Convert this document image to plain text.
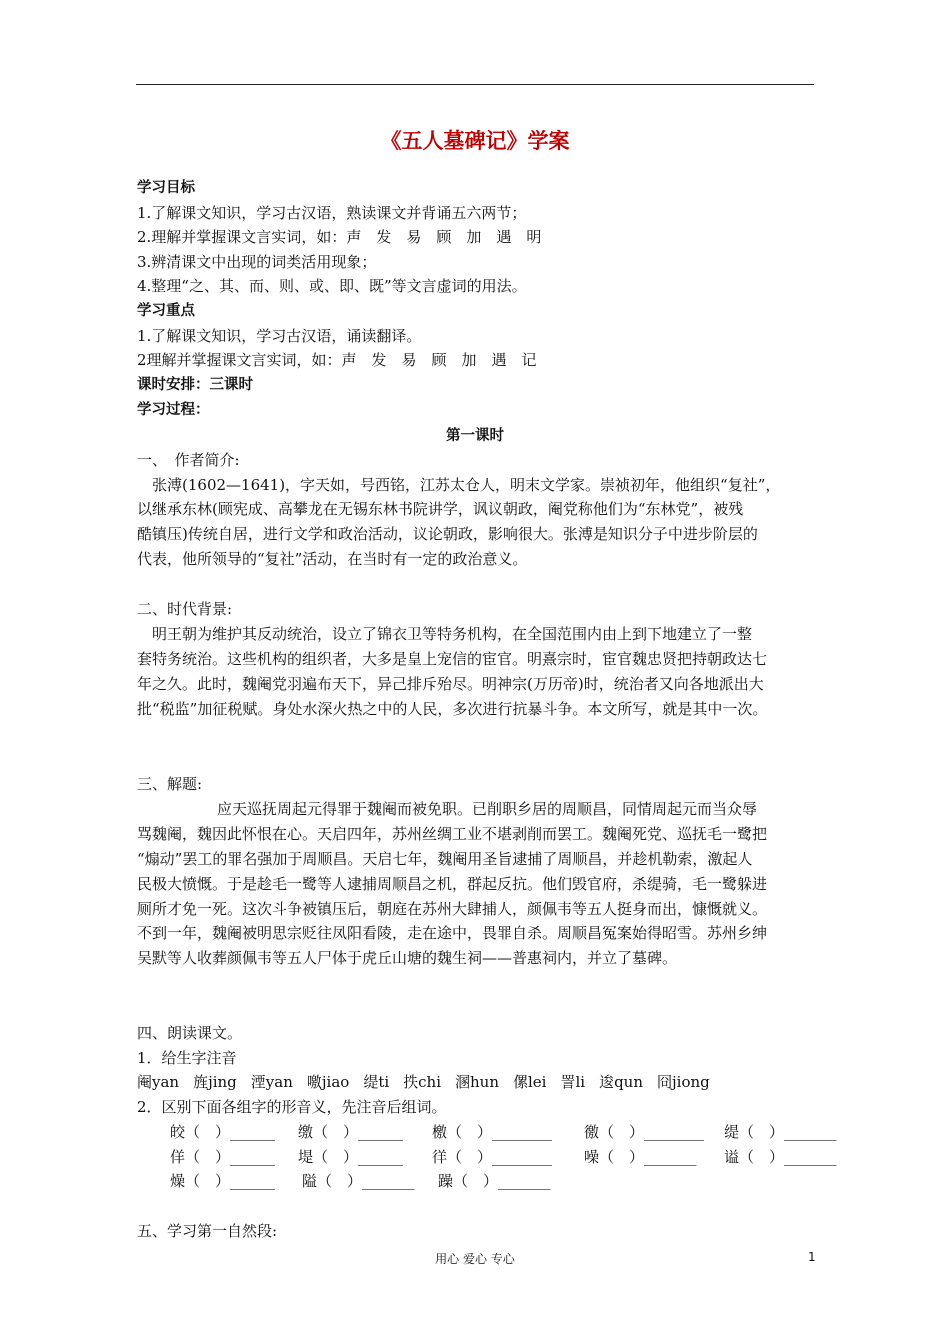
《五人墓碑记》学案
学习目标
1.了解课文知识，学习古汉语，熟读课文并背诵五六两节；
2.理解并掌握课文言实词，如：声　发　易　顾　加　遇　明
3.辨清课文中出现的词类活用现象；
4.整理“之、其、而、则、或、即、既”等文言虚词的用法。
学习重点
1.了解课文知识，学习古汉语，诵读翻译。
2理解并掌握课文言实词，如：声　发　易　顾　加　遇　记
课时安排：三课时
学习过程：
第一课时
一、　作者简介:
张溥(1602—1641)，字天如，号西铭，江苏太仓人，明末文学家。崇祯初年，他组织“复社”，
以继承东林(顾宪成、高攀龙在无锡东林书院讲学，讽议朝政，阉党称他们为“东林党”，被残
酷镇压)传统自居，进行文学和政治活动，议论朝政，影响很大。张溥是知识分子中进步阶层的
代表，他所领导的“复社”活动，在当时有一定的政治意义。
二、时代背景:
明王朝为维护其反动统治，设立了锦衣卫等特务机构，在全国范围内由上到下地建立了一整
套特务统治。这些机构的组织者，大多是皇上宠信的宦官。明熹宗时，宦官魏忠贤把持朝政达七
年之久。此时，魏阉党羽遍布天下，异己排斥殆尽。明神宗(万历帝)时，统治者又向各地派出大
批“税监”加征税赋。身处水深火热之中的人民，多次进行抗暴斗争。本文所写，就是其中一次。
三、解题:
应天巡抚周起元得罪于魏阉而被免职。已削职乡居的周顺昌，同情周起元而当众辱
骂魏阉，魏因此怀恨在心。天启四年，苏州丝绸工业不堪剥削而罢工。魏阉死党、巡抚毛一鹭把
“煽动”罢工的罪名强加于周顺昌。天启七年，魏阉用圣旨逮捕了周顺昌，并趁机勒索，激起人
民极大愤慨。于是趁毛一鹭等人逮捕周顺昌之机，群起反抗。他们毁官府，杀缇骑，毛一鹭躲进
厕所才免一死。这次斗争被镇压后，朝庭在苏州大肆捕人，颜佩韦等五人挺身而出，慷慨就义。
不到一年，魏阉被明思宗贬往凤阳看陵，走在途中，畏罪自杀。周顺昌冤案始得昭雪。苏州乡绅
吴默等人收葬颜佩韦等五人尸体于虎丘山塘的魏生祠——普惠祠内，并立了墓碑。
四、朗读课文。
1．给生字注音
阉yan 旌jing 湮yan 噭jiao 缇ti 抶chi 溷hun 傫lei 詈li 逡qun 冏jiong
2．区别下面各组字的形音义，先注音后组词。
皎（　）______ 缴（　）______ 檄（　）________ 徼（　）________ 缇（　）_______
佯（　）______ 堤（　）______ 徉（　）________ 噪（　）_______ 谥（　）_______
燥（　）______ 隘（　）_______ 躁（　）_______
五、学习第一自然段:
用心 爱心 专心	1
